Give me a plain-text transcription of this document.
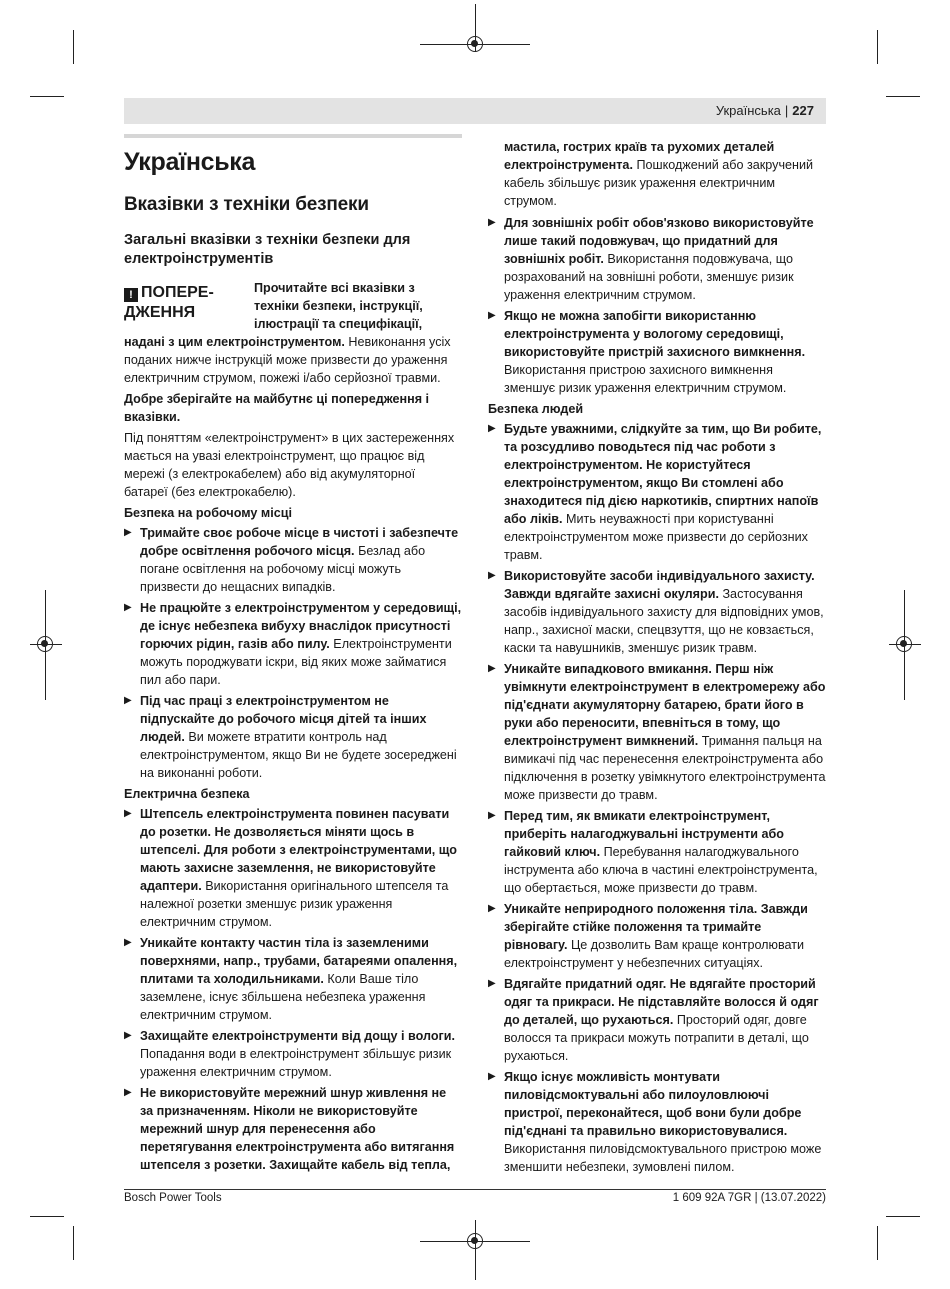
Українська | 227
Українська
Вказівки з техніки безпеки
Загальні вказівки з техніки безпеки для електроінструментів
! ПОПЕРЕ-ДЖЕННЯ

Прочитайте всі вказівки з техніки безпеки, інструкції, ілюстрації та специфікації, надані з цим електроінструментом. Невиконання усіх поданих нижче інструкцій може призвести до ураження електричним струмом, пожежі і/або серйозної травми.

Добре зберігайте на майбутнє ці попередження і вказівки.

Під поняттям «електроінструмент» в цих застереженнях мається на увазі електроінструмент, що працює від мережі (з електрокабелем) або від акумуляторної батареї (без електрокабелю).

Безпека на робочому місці
▶ Тримайте своє робоче місце в чистоті і забезпечте добре освітлення робочого місця. Безлад або погане освітлення на робочому місці можуть призвести до нещасних випадків.
▶ Не працюйте з електроінструментом у середовищі, де існує небезпека вибуху внаслідок присутності горючих рідин, газів або пилу. Електроінструменти можуть породжувати іскри, від яких може займатися пил або пари.
▶ Під час праці з електроінструментом не підпускайте до робочого місця дітей та інших людей. Ви можете втратити контроль над електроінструментом, якщо Ви не будете зосереджені на виконанні роботи.
Електрична безпека
▶ Штепсель електроінструмента повинен пасувати до розетки. Не дозволяється міняти щось в штепселі. Для роботи з електроінструментами, що мають захисне заземлення, не використовуйте адаптери. Використання оригінального штепселя та належної розетки зменшує ризик ураження електричним струмом.
▶ Уникайте контакту частин тіла із заземленими поверхнями, напр., трубами, батареями опалення, плитами та холодильниками. Коли Ваше тіло заземлене, існує збільшена небезпека ураження електричним струмом.
▶ Захищайте електроінструменти від дощу і вологи. Попадання води в електроінструмент збільшує ризик ураження електричним струмом.
▶ Не використовуйте мережний шнур живлення не за призначенням. Ніколи не використовуйте мережний шнур для перенесення або перетягування електроінструмента або витягання штепселя з розетки. Захищайте кабель від тепла,

мастила, гострих країв та рухомих деталей електроінструмента. Пошкоджений або закручений кабель збільшує ризик ураження електричним струмом.

▶ Для зовнішніх робіт обов'язково використовуйте лише такий подовжувач, що придатний для зовнішніх робіт. Використання подовжувача, що розрахований на зовнішні роботи, зменшує ризик ураження електричним струмом.
▶ Якщо не можна запобігти використанню електроінструмента у вологому середовищі, використовуйте пристрій захисного вимкнення. Використання пристрою захисного вимкнення зменшує ризик ураження електричним струмом.
Безпека людей
▶ Будьте уважними, слідкуйте за тим, що Ви робите, та розсудливо поводьтеся під час роботи з електроінструментом. Не користуйтеся електроінструментом, якщо Ви стомлені або знаходитеся під дією наркотиків, спиртних напоїв або ліків. Мить неуважності при користуванні електроінструментом може призвести до серйозних травм.
▶ Використовуйте засоби індивідуального захисту. Завжди вдягайте захисні окуляри. Застосування засобів індивідуального захисту для відповідних умов, напр., захисної маски, спецвзуття, що не ковзається, каски та навушників, зменшує ризик травм.
▶ Уникайте випадкового вмикання. Перш ніж увімкнути електроінструмент в електромережу або під'єднати акумуляторну батарею, брати його в руки або переносити, впевніться в тому, що електроінструмент вимкнений. Тримання пальця на вимикачі під час перенесення електроінструмента або підключення в розетку увімкнутого електроінструмента може призвести до травм.
▶ Перед тим, як вмикати електроінструмент, приберіть налагоджувальні інструменти або гайковий ключ. Перебування налагоджувального інструмента або ключа в частині електроінструмента, що обертається, може призвести до травм.
▶ Уникайте неприродного положення тіла. Завжди зберігайте стійке положення та тримайте рівновагу. Це дозволить Вам краще контролювати електроінструмент у небезпечних ситуаціях.
▶ Вдягайте придатний одяг. Не вдягайте просторий одяг та прикраси. Не підставляйте волосся й одяг до деталей, що рухаються. Просторий одяг, довге волосся та прикраси можуть потрапити в деталі, що рухаються.
▶ Якщо існує можливість монтувати пиловідсмоктувальні або пилоуловлюючі пристрої, переконайтеся, щоб вони були добре під'єднані та правильно використовувалися. Використання пиловідсмоктувального пристрою може зменшити небезпеки, зумовлені пилом.
Bosch Power Tools	1 609 92A 7GR | (13.07.2022)
